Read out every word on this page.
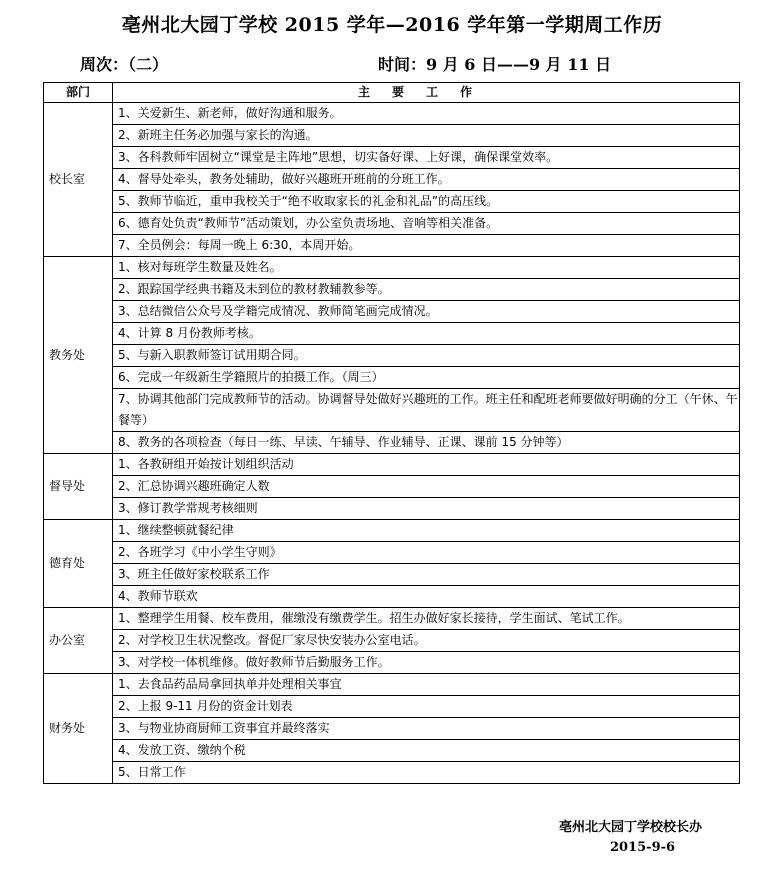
亳州北大园丁学校 2015 学年—2016 学年第一学期周工作历
周次：（二）	时间：9 月 6 日——9 月 11 日
部门	主要工作
校长室	1、关爱新生、新老师，做好沟通和服务。
	2、新班主任务必加强与家长的沟通。
	3、各科教师牢固树立“课堂是主阵地”思想，切实备好课、上好课，确保课堂效率。
	4、督导处牵头，教务处辅助，做好兴趣班开班前的分班工作。
	5、教师节临近，重申我校关于“绝不收取家长的礼金和礼品”的高压线。
	6、德育处负责“教师节”活动策划，办公室负责场地、音响等相关准备。
	7、全员例会：每周一晚上 6:30，本周开始。
教务处	1、核对每班学生数量及姓名。
	2、跟踪国学经典书籍及未到位的教材教辅教参等。
	3、总结微信公众号及学籍完成情况、教师简笔画完成情况。
	4、计算 8 月份教师考核。
	5、与新入职教师签订试用期合同。
	6、完成一年级新生学籍照片的拍摄工作。（周三）
	7、协调其他部门完成教师节的活动。协调督导处做好兴趣班的工作。班主任和配班老师要做好明确的分工（午休、午餐等）
	8、教务的各项检查（每日一练、早读、午辅导、作业辅导、正课、课前 15 分钟等）
督导处	1、各教研组开始按计划组织活动
	2、汇总协调兴趣班确定人数
	3、修订教学常规考核细则
德育处	1、继续整顿就餐纪律
	2、各班学习《中小学生守则》
	3、班主任做好家校联系工作
	4、教师节联欢
办公室	1、整理学生用餐、校车费用，催缴没有缴费学生。招生办做好家长接待，学生面试、笔试工作。
	2、对学校卫生状况整改。督促厂家尽快安装办公室电话。
	3、对学校一体机维修。做好教师节后勤服务工作。
财务处	1、去食品药品局拿回执单并处理相关事宜
	2、上报 9-11 月份的资金计划表
	3、与物业协商厨师工资事宜并最终落实
	4、发放工资、缴纳个税
	5、日常工作
亳州北大园丁学校校长办
2015-9-6
